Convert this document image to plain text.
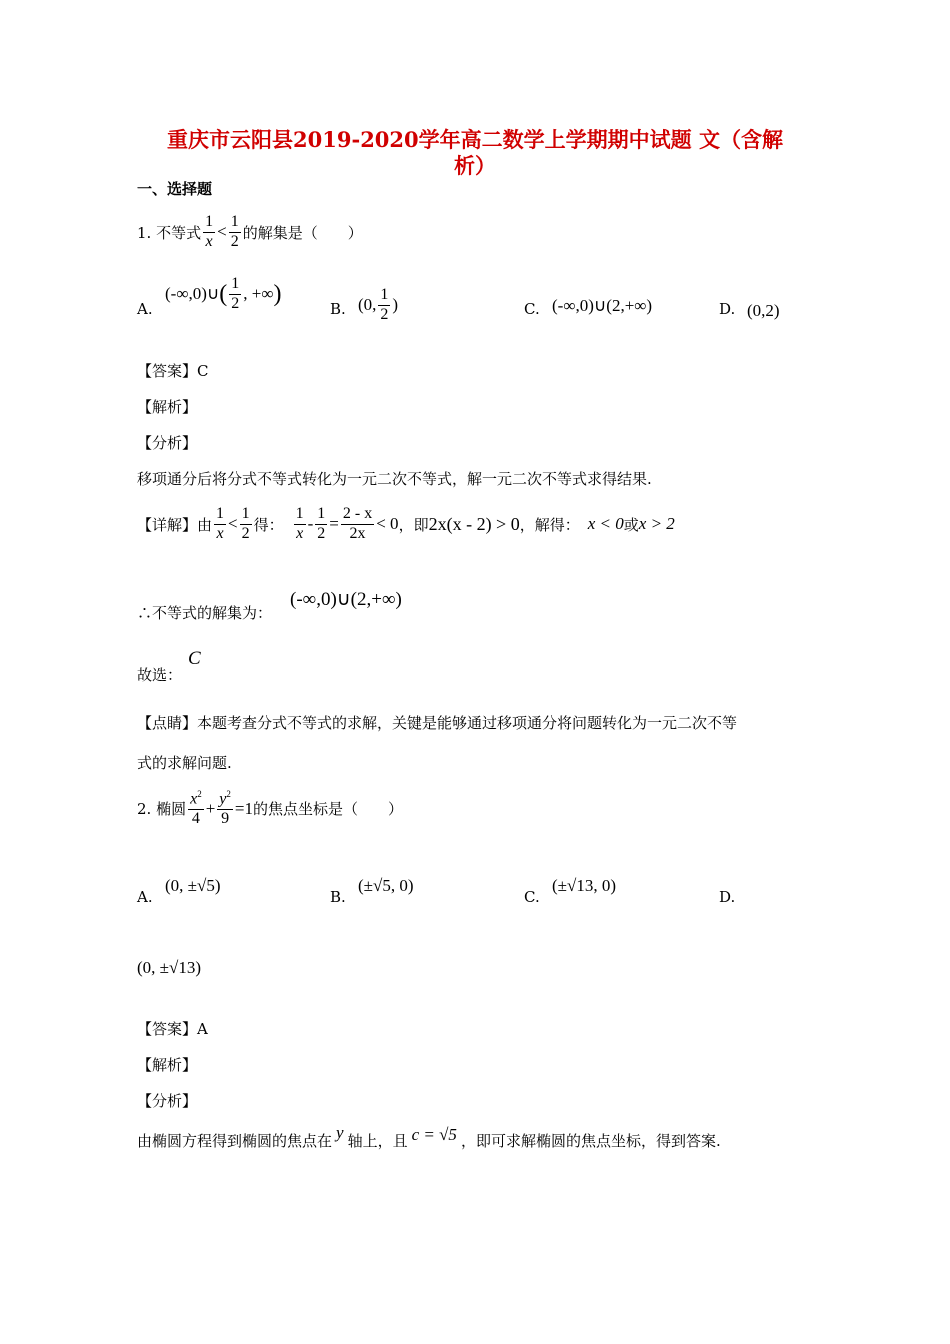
重庆市云阳县2019-2020学年高二数学上学期期中试题 文（含解
析）
一、选择题
1. 不等式 $\frac{1}{x} < \frac{1}{2}$ 的解集是（　　）
A.
(-∞,0)∪ ( $\frac{1}{2}$ , +∞ )
B. (0, $\frac{1}{2}$ )	C. (-∞,0)∪(2,+∞)	D. (0,2)
【答案】C
【解析】
【分析】
移项通分后将分式不等式转化为一元二次不等式，解一元二次不等式求得结果.
【详解】由 $\frac{1}{x} < \frac{1}{2}$ 得： $\frac{1}{x} - \frac{1}{2} = \frac{2 - x}{2x} < 0$ ，即 2x(x - 2) > 0 ，解得： x < 0 或 x > 2
∴不等式的解集为：
(-∞,0)∪(2,+∞)
故选：
C
【点睛】本题考查分式不等式的求解，关键是能够通过移项通分将问题转化为一元二次不等
式的求解问题.
2. 椭圆 $\frac{x^2}{4} + \frac{y^2}{9} =1$ 的焦点坐标是（　　）
A.
(0, ±√5)
B.
(±√5, 0)
C.
(±√13, 0)
D.
(0, ±√13)
【答案】A
【解析】
【分析】
由椭圆方程得到椭圆的焦点在 y 轴上，且 c = √5 ，即可求解椭圆的焦点坐标，得到答案.
